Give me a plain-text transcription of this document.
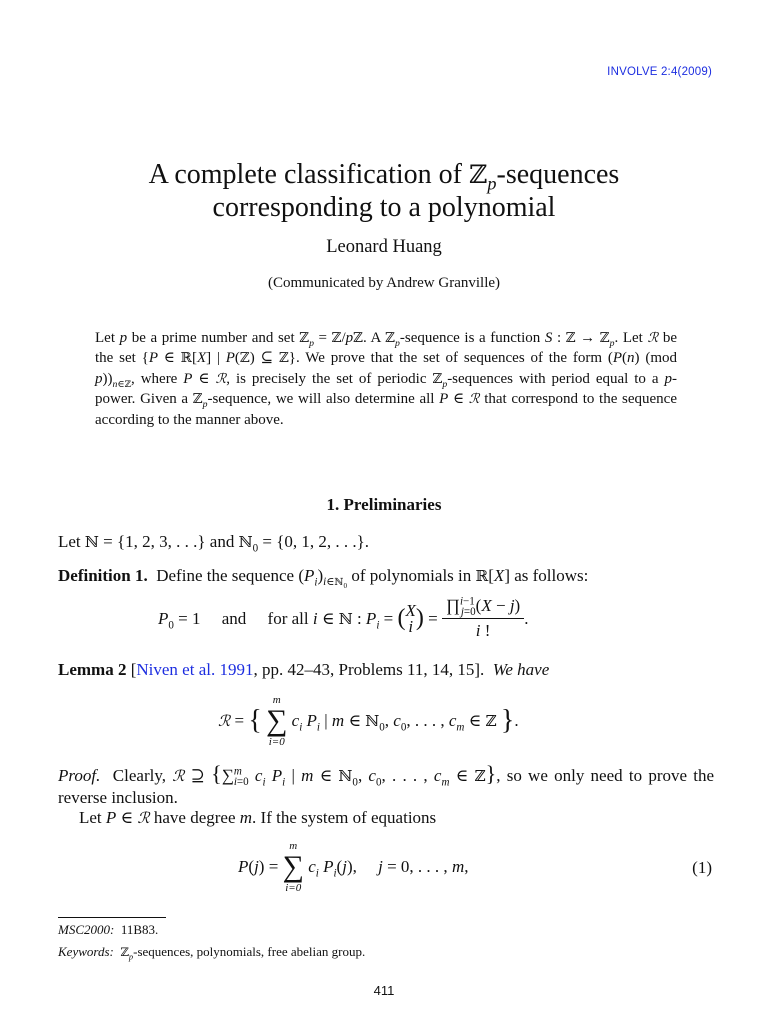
INVOLVE 2:4(2009)
A complete classification of ℤ$_p$-sequences
corresponding to a polynomial
Leonard Huang
(Communicated by Andrew Granville)
Let p be a prime number and set ℤ$_p$ = ℤ/pℤ. A ℤ$_p$-sequence is a function S : ℤ → ℤ$_p$. Let ℛ be the set {P ∈ ℝ[X] | P(ℤ) ⊆ ℤ}. We prove that the set of sequences of the form (P(n) (mod $p))_{n\in ℤ}$, where P ∈ ℛ, is precisely the set of periodic ℤ$_p$-sequences with period equal to a p-power. Given a ℤ$_p$-sequence, we will also determine all P ∈ ℛ that correspond to the sequence according to the manner above.
1. Preliminaries
Let ℕ = {1, 2, 3, . . .} and ℕ$_0$ = {0, 1, 2, . . .}.
Definition 1. Define the sequence $(P_i)_{i\in ℕ_0}$ of polynomials in ℝ[X] as follows:
$P_0 = 1$     and     for all i ∈ ℕ : $P_i$ = ( X
i ) = $\frac{\prod^{i-1}_{j=0}(X - j)}{i !}$ .
Lemma 2 [Niven et al. 1991, pp. 42–43, Problems 11, 14, 15]. We have
ℛ = {
m
∑
i=0
$c_i$ $P_i$ | m ∈ ℕ$_0$, $c_0$, . . . , $c_m$ ∈ ℤ }.
Proof.  Clearly, ℛ ⊇ {∑$^m_{i=0}$ $c_i$ $P_i$ | m ∈ ℕ$_0$, $c_0$, . . . , $c_m$ ∈ ℤ}, so we only need to prove the reverse inclusion.
Let P ∈ ℛ have degree m. If the system of equations
P(j) =
m
∑
i=0
$c_i$ $P_i(j)$,     j = 0, . . . , m,	(1)
MSC2000: 11B83.
Keywords: ℤ$_p$-sequences, polynomials, free abelian group.
411
